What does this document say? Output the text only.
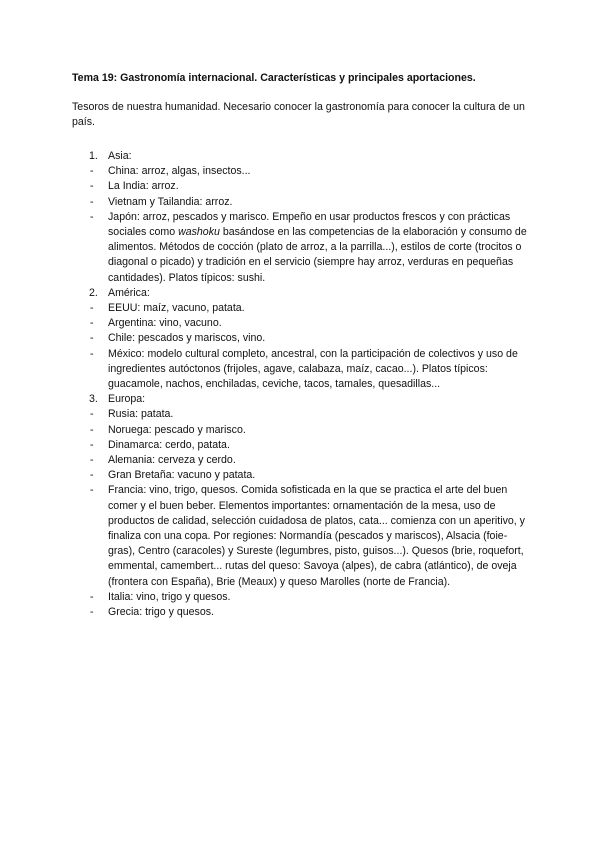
Tema 19: Gastronomía internacional. Características y principales aportaciones.

Tesoros de nuestra humanidad. Necesario conocer la gastronomía para conocer la cultura de un país.

1. Asia:
- China: arroz, algas, insectos...
- La India: arroz.
- Vietnam y Tailandia: arroz.
- Japón: arroz, pescados y marisco. Empeño en usar productos frescos y con prácticas sociales como washoku basándose en las competencias de la elaboración y consumo de alimentos. Métodos de cocción (plato de arroz, a la parrilla...), estilos de corte (trocitos o diagonal o picado) y tradición en el servicio (siempre hay arroz, verduras en pequeñas cantidades). Platos típicos: sushi.
2. América:
- EEUU: maíz, vacuno, patata.
- Argentina: vino, vacuno.
- Chile: pescados y mariscos, vino.
- México: modelo cultural completo, ancestral, con la participación de colectivos y uso de ingredientes autóctonos (frijoles, agave, calabaza, maíz, cacao...). Platos típicos: guacamole, nachos, enchiladas, ceviche, tacos, tamales, quesadillas...
3. Europa:
- Rusia: patata.
- Noruega: pescado y marisco.
- Dinamarca: cerdo, patata.
- Alemania: cerveza y cerdo.
- Gran Bretaña: vacuno y patata.
- Francia: vino, trigo, quesos. Comida sofisticada en la que se practica el arte del buen comer y el buen beber. Elementos importantes: ornamentación de la mesa, uso de productos de calidad, selección cuidadosa de platos, cata... comienza con un aperitivo, y finaliza con una copa. Por regiones: Normandía (pescados y mariscos), Alsacia (foie-gras), Centro (caracoles) y Sureste (legumbres, pisto, guisos...). Quesos (brie, roquefort, emmental, camembert... rutas del queso: Savoya (alpes), de cabra (atlántico), de oveja (frontera con España), Brie (Meaux) y queso Marolles (norte de Francia).
- Italia: vino, trigo y quesos.
- Grecia: trigo y quesos.
